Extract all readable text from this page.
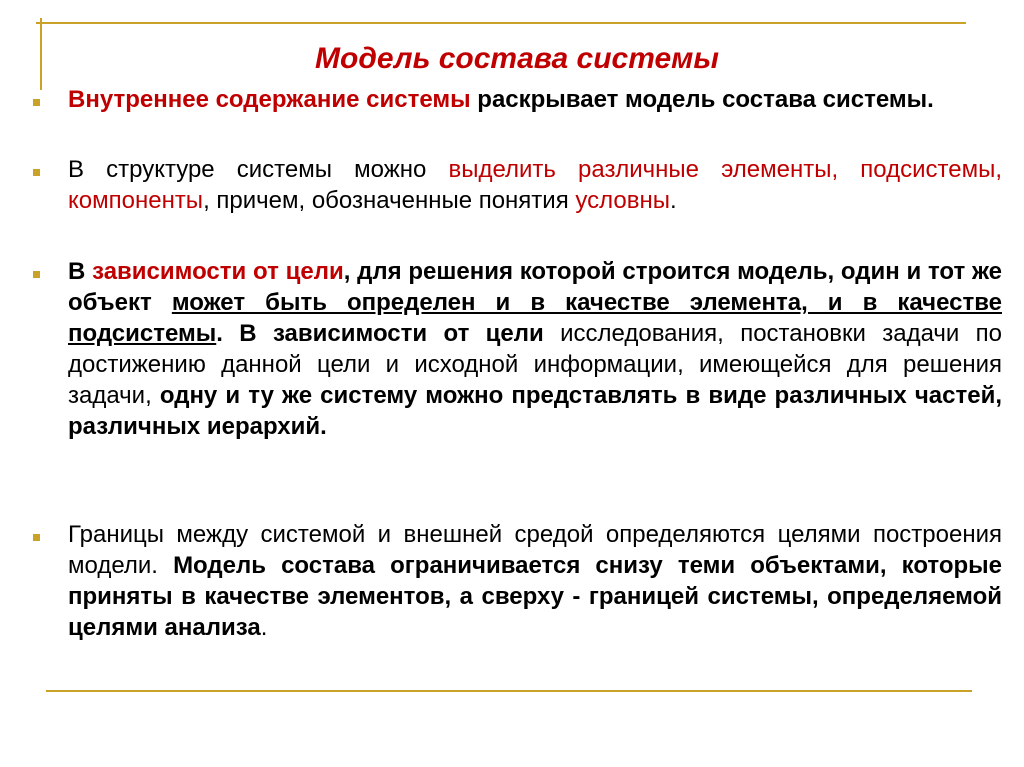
Модель состава системы
Внутреннее содержание системы раскрывает модель состава системы.
В структуре системы можно выделить различные элементы, подсистемы, компоненты, причем, обозначенные понятия условны.
В зависимости от цели, для решения которой строится модель, один и тот же объект может быть определен и в качестве элемента, и в качестве подсистемы. В зависимости от цели исследования, постановки задачи по достижению данной цели и исходной информации, имеющейся для решения задачи, одну и ту же систему можно представлять в виде различных частей, различных иерархий.
Границы между системой и внешней средой определяются целями построения модели. Модель состава ограничивается снизу теми объектами, которые приняты в качестве элементов, а сверху - границей системы, определяемой целями анализа.
